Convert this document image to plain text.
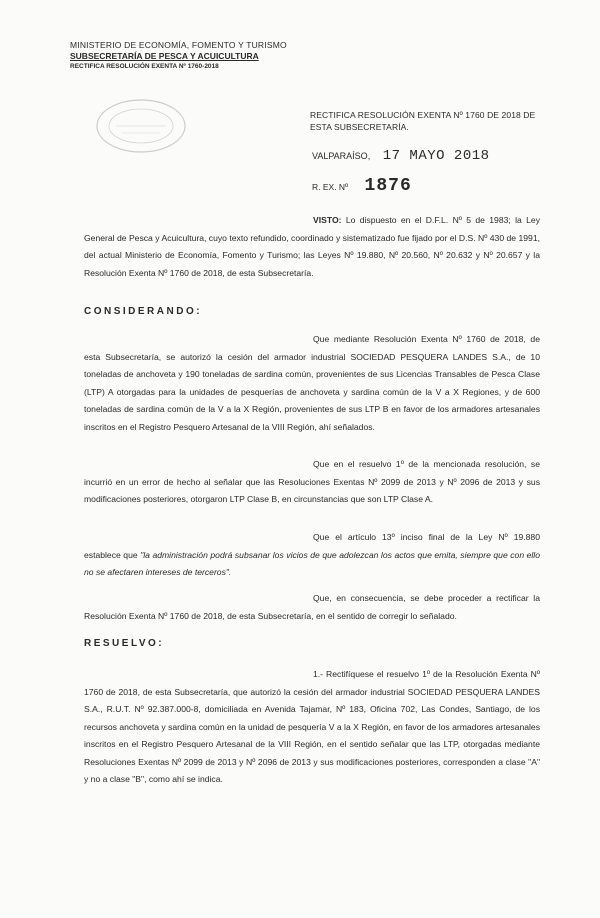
MINISTERIO DE ECONOMÍA, FOMENTO Y TURISMO
SUBSECRETARÍA DE PESCA Y ACUICULTURA
RECTIFICA RESOLUCIÓN EXENTA Nº 1760-2018
RECTIFICA RESOLUCIÓN EXENTA Nº 1760 DE 2018 DE ESTA SUBSECRETARÍA.
VALPARAÍSO, 17 MAYO 2018
R. EX. Nº 1876
VISTO: Lo dispuesto en el D.F.L. Nº 5 de 1983; la Ley General de Pesca y Acuicultura, cuyo texto refundido, coordinado y sistematizado fue fijado por el D.S. Nº 430 de 1991, del actual Ministerio de Economía, Fomento y Turismo; las Leyes Nº 19.880, Nº 20.560, Nº 20.632 y Nº 20.657 y la Resolución Exenta Nº 1760 de 2018, de esta Subsecretaría.
CONSIDERANDO:
Que mediante Resolución Exenta Nº 1760 de 2018, de esta Subsecretaría, se autorizó la cesión del armador industrial SOCIEDAD PESQUERA LANDES S.A., de 10 toneladas de anchoveta y 190 toneladas de sardina común, provenientes de sus Licencias Transables de Pesca Clase (LTP) A otorgadas para la unidades de pesquerías de anchoveta y sardina común de la V a X Regiones, y de 600 toneladas de sardina común de la V a la X Región, provenientes de sus LTP B en favor de los armadores artesanales inscritos en el Registro Pesquero Artesanal de la VIII Región, ahí señalados.
Que en el resuelvo 1º de la mencionada resolución, se incurrió en un error de hecho al señalar que las Resoluciones Exentas Nº 2099 de 2013 y Nº 2096 de 2013 y sus modificaciones posteriores, otorgaron LTP Clase B, en circunstancias que son LTP Clase A.
Que el artículo 13º inciso final de la Ley Nº 19.880 establece que "la administración podrá subsanar los vicios de que adolezcan los actos que emita, siempre que con ello no se afectaren intereses de terceros".
Que, en consecuencia, se debe proceder a rectificar la Resolución Exenta Nº 1760 de 2018, de esta Subsecretaría, en el sentido de corregir lo señalado.
RESUELVO:
1.- Rectifíquese el resuelvo 1º de la Resolución Exenta Nº 1760 de 2018, de esta Subsecretaría, que autorizó la cesión del armador industrial SOCIEDAD PESQUERA LANDES S.A., R.U.T. Nº 92.387.000-8, domiciliada en Avenida Tajamar, Nº 183, Oficina 702, Las Condes, Santiago, de los recursos anchoveta y sardina común en la unidad de pesquería V a la X Región, en favor de los armadores artesanales inscritos en el Registro Pesquero Artesanal de la VIII Región, en el sentido señalar que las LTP, otorgadas mediante Resoluciones Exentas Nº 2099 de 2013 y Nº 2096 de 2013 y sus modificaciones posteriores, corresponden a clase "A" y no a clase "B", como ahí se indica.
